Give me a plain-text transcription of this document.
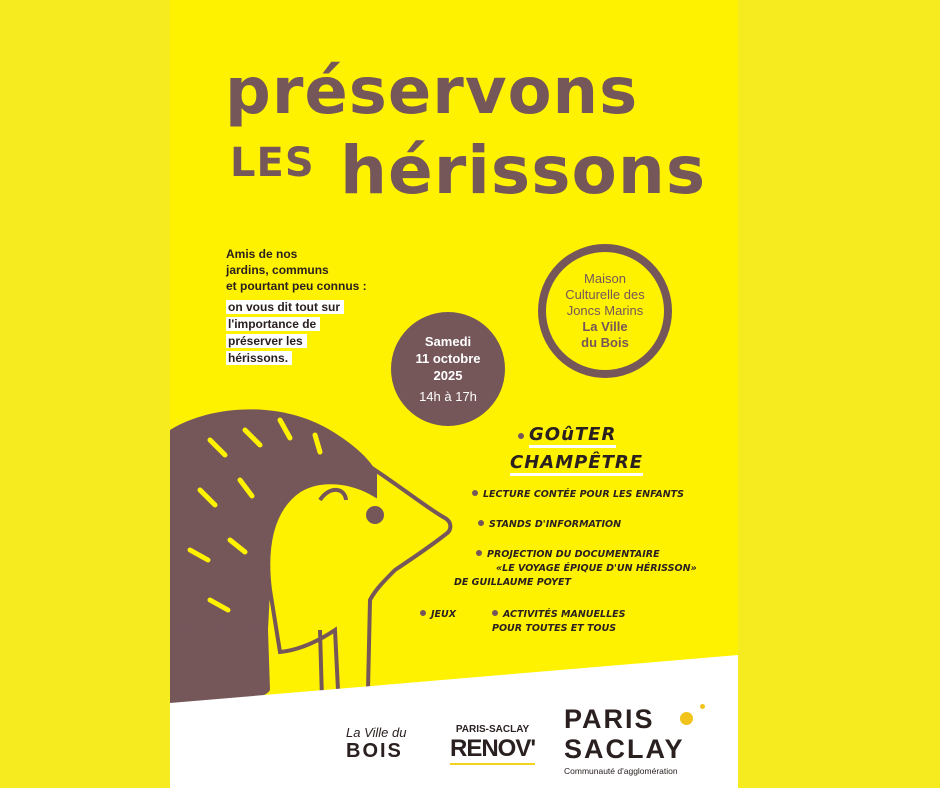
préservons
LES hérissons
Amis de nos
jardins, communs
et pourtant peu connus :
on vous dit tout sur
l'importance de
préserver les
hérissons.
Maison
Culturelle des
Joncs Marins
La Ville
du Bois
Samedi
11 octobre
2025
14h à 17h
GOûTER
CHAMPÊTRE
LECTURE CONTÉE POUR LES ENFANTS
STANDS D'INFORMATION
PROJECTION DU DOCUMENTAIRE
«LE VOYAGE ÉPIQUE D'UN HÉRISSON»
DE GUILLAUME POYET
JEUX	ACTIVITÉS MANUELLES
POUR TOUTES ET TOUS
La Ville du
BOIS
PARIS-SACLAY
RENOV'
PARIS
SACLAY
Communauté d'agglomération
